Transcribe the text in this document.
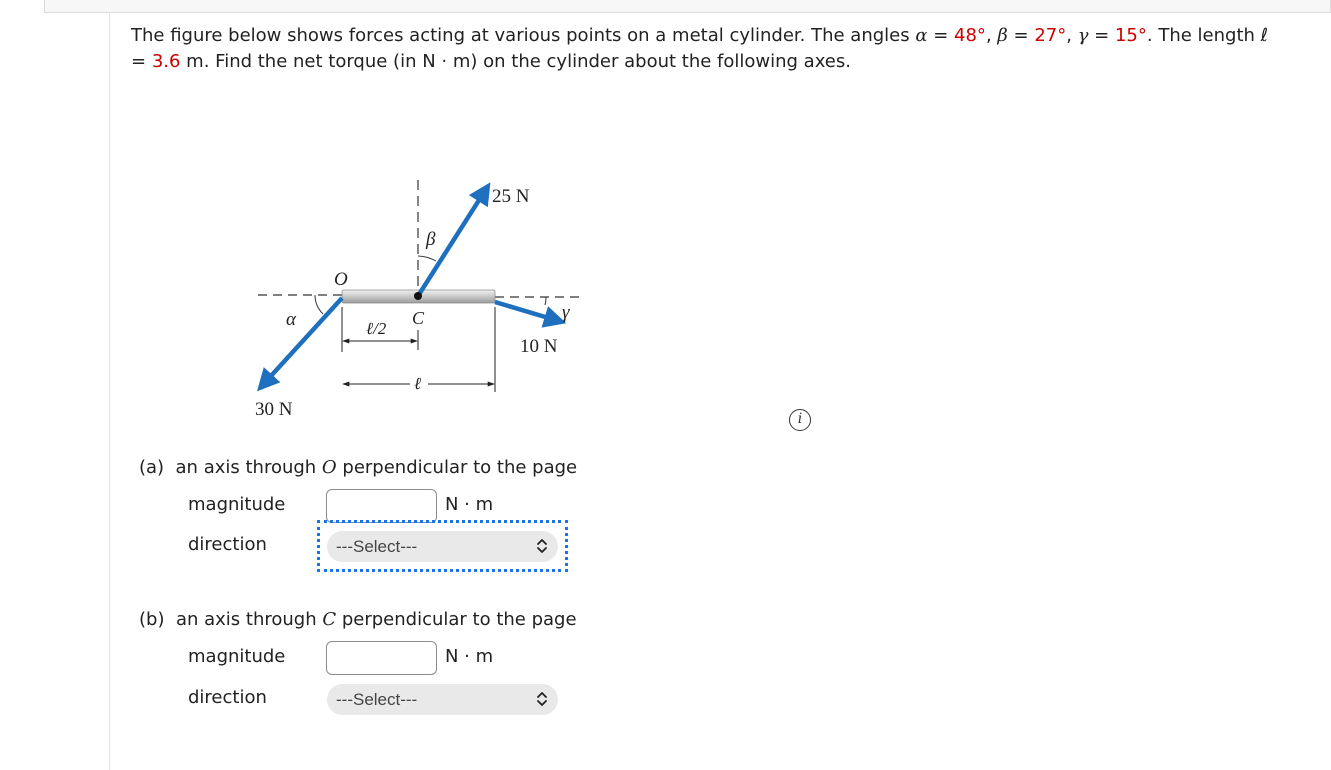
The figure below shows forces acting at various points on a metal cylinder. The angles α = 48°, β = 27°, γ = 15°. The length ℓ = 3.6 m. Find the net torque (in N · m) on the cylinder about the following axes.
25 N
10 N
30 N
O
C
α
β
γ
ℓ/2
ℓ
i
(a) an axis through O perpendicular to the page
magnitude	N · m
direction	---Select---
(b) an axis through C perpendicular to the page
magnitude	N · m
direction	---Select---
